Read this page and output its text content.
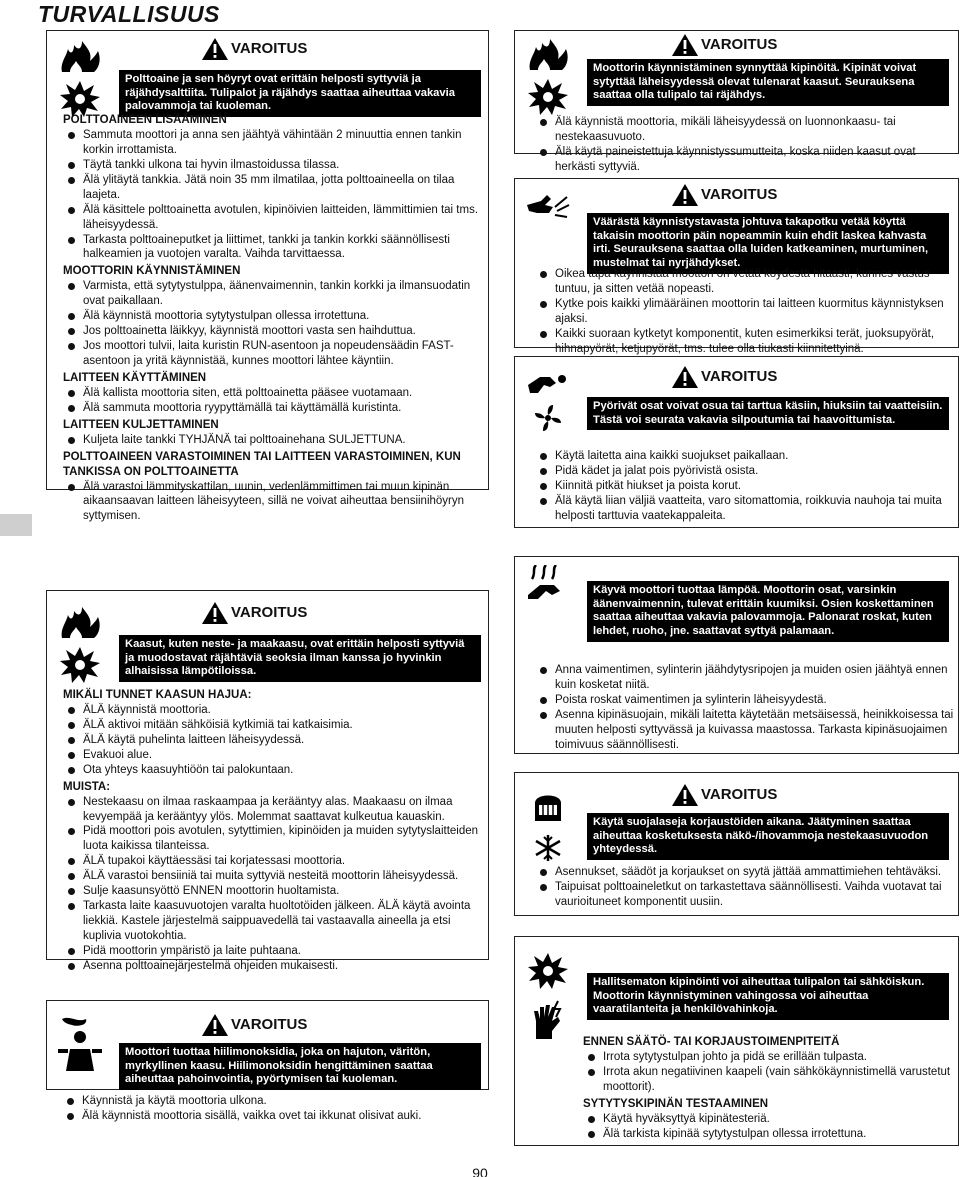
TURVALLISUUS
VAROITUS
Polttoaine ja sen höyryt ovat erittäin helposti syttyviä ja räjähdysalttiita. Tulipalot ja räjähdys saattaa aiheuttaa vakavia palovammoja tai kuoleman.
POLTTOAINEEN LISÄÄMINEN
Sammuta moottori ja anna sen jäähtyä vähintään 2 minuuttia ennen tankin korkin irrottamista.
Täytä tankki ulkona tai hyvin ilmastoidussa tilassa.
Älä ylitäytä tankkia. Jätä noin 35 mm ilmatilaa, jotta polttoaineella on tilaa laajeta.
Älä käsittele polttoainetta avotulen, kipinöivien laitteiden, lämmittimien tai tms. läheisyydessä.
Tarkasta polttoaineputket ja liittimet, tankki ja tankin korkki säännöllisesti halkeamien ja vuotojen varalta. Vaihda tarvittaessa.
MOOTTORIN KÄYNNISTÄMINEN
Varmista, että sytytystulppa, äänenvaimennin, tankin korkki ja ilmansuodatin ovat paikallaan.
Älä käynnistä moottoria sytytystulpan ollessa irrotettuna.
Jos polttoainetta läikkyy, käynnistä moottori vasta sen haihduttua.
Jos moottori tulvii, laita kuristin RUN-asentoon ja nopeudensäädin FAST-asentoon ja yritä käynnistää, kunnes moottori lähtee käyntiin.
LAITTEEN KÄYTTÄMINEN
Älä kallista moottoria siten, että polttoainetta pääsee vuotamaan.
Älä sammuta moottoria ryypyttämällä tai käyttämällä kuristinta.
LAITTEEN KULJETTAMINEN
Kuljeta laite tankki TYHJÄNÄ tai polttoainehana SULJETTUNA.
POLTTOAINEEN VARASTOIMINEN TAI LAITTEEN VARASTOIMINEN, KUN TANKISSA ON POLTTOAINETTA
Älä varastoi lämmityskattilan, uunin, vedenlämmittimen tai muun kipinän aikaansaavan laitteen läheisyyteen, sillä ne voivat aiheuttaa bensiinihöyryn syttymisen.
VAROITUS
Kaasut, kuten neste- ja maakaasu, ovat erittäin helposti syttyviä ja muodostavat räjähtäviä seoksia ilman kanssa jo hyvinkin alhaisissa lämpötiloissa.
MIKÄLI TUNNET KAASUN HAJUA:
ÄLÄ käynnistä moottoria.
ÄLÄ aktivoi mitään sähköisiä kytkimiä tai katkaisimia.
ÄLÄ käytä puhelinta laitteen läheisyydessä.
Evakuoi alue.
Ota yhteys kaasuyhtiöön tai palokuntaan.
MUISTA:
Nestekaasu on ilmaa raskaampaa ja kerääntyy alas. Maakaasu on ilmaa kevyempää ja kerääntyy ylös. Molemmat saattavat kulkeutua kauaskin.
Pidä moottori pois avotulen, sytyttimien, kipinöiden ja muiden sytytyslaitteiden luota kaikissa tilanteissa.
ÄLÄ tupakoi käyttäessäsi tai korjatessasi moottoria.
ÄLÄ varastoi bensiiniä tai muita syttyviä nesteitä moottorin läheisyydessä.
Sulje kaasunsyöttö ENNEN moottorin huoltamista.
Tarkasta laite kaasuvuotojen varalta huoltotöiden jälkeen. ÄLÄ käytä avointa liekkiä. Kastele järjestelmä saippuavedellä tai vastaavalla aineella ja etsi kuplivia vuotokohtia.
Pidä moottorin ympäristö ja laite puhtaana.
Asenna polttoainejärjestelmä ohjeiden mukaisesti.
VAROITUS
Moottori tuottaa hiilimonoksidia, joka on hajuton, väritön, myrkyllinen kaasu. Hiilimonoksidin hengittäminen saattaa aiheuttaa pahoinvointia, pyörtymisen tai kuoleman.
Käynnistä ja käytä moottoria ulkona.
Älä käynnistä moottoria sisällä, vaikka ovet tai ikkunat olisivat auki.
VAROITUS
Moottorin käynnistäminen synnyttää kipinöitä. Kipinät voivat sytyttää läheisyydessä olevat tulenarat kaasut. Seurauksena saattaa olla tulipalo tai räjähdys.
Älä käynnistä moottoria, mikäli läheisyydessä on luonnonkaasu- tai nestekaasuvuoto.
Älä käytä paineistettuja käynnistyssumutteita, koska niiden kaasut ovat herkästi syttyviä.
VAROITUS
Väärästä käynnistystavasta johtuva takapotku vetää köyttä takaisin moottorin päin nopeammin kuin ehdit laskea kahvasta irti. Seurauksena saattaa olla luiden katkeaminen, murtuminen, mustelmat tai nyrjähdykset.
Oikea tapa käynnistää moottori on vetää köydestä hitaasti, kunnes vastus tuntuu, ja sitten vetää nopeasti.
Kytke pois kaikki ylimääräinen moottorin tai laitteen kuormitus käynnistyksen ajaksi.
Kaikki suoraan kytketyt komponentit, kuten esimerkiksi terät, juoksupyörät, hihnapyörät, ketjupyörät, tms. tulee olla tiukasti kiinnitettyinä.
VAROITUS
Pyörivät osat voivat osua tai tarttua käsiin, hiuksiin tai vaatteisiin. Tästä voi seurata vakavia silpoutumia tai haavoittumista.
Käytä laitetta aina kaikki suojukset paikallaan.
Pidä kädet ja jalat pois pyörivistä osista.
Kiinnitä pitkät hiukset ja poista korut.
Älä käytä liian väljiä vaatteita, varo sitomattomia, roikkuvia nauhoja tai muita helposti tarttuvia vaatekappaleita.
Käyvä moottori tuottaa lämpöä. Moottorin osat, varsinkin äänenvaimennin, tulevat erittäin kuumiksi. Osien koskettaminen saattaa aiheuttaa vakavia palovammoja. Palonarat roskat, kuten lehdet, ruoho, jne. saattavat syttyä palamaan.
Anna vaimentimen, sylinterin jäähdytysripojen ja muiden osien jäähtyä ennen kuin kosketat niitä.
Poista roskat vaimentimen ja sylinterin läheisyydestä.
Asenna kipinäsuojain, mikäli laitetta käytetään metsäisessä, heinikkoisessa tai muuten helposti syttyvässä ja kuivassa maastossa. Tarkasta kipinäsuojaimen toimivuus säännöllisesti.
VAROITUS
Käytä suojalaseja korjaustöiden aikana. Jäätyminen saattaa aiheuttaa kosketuksesta näkö-/ihovammoja nestekaasuvuodon yhteydessä.
Asennukset, säädöt ja korjaukset on syytä jättää ammattimiehen tehtäväksi.
Taipuisat polttoaineletkut on tarkastettava säännöllisesti. Vaihda vuotavat tai vaurioituneet komponentit uusiin.
Hallitsematon kipinöinti voi aiheuttaa tulipalon tai sähköiskun. Moottorin käynnistyminen vahingossa voi aiheuttaa vaaratilanteita ja henkilövahinkoja.
ENNEN SÄÄTÖ- TAI KORJAUSTOIMENPITEITÄ
Irrota sytytystulpan johto ja pidä se erillään tulpasta.
Irrota akun negatiivinen kaapeli (vain sähkökäynnistimellä varustetut moottorit).
SYTYTYSKIPINÄN TESTAAMINEN
Käytä hyväksyttyä kipinätesteriä.
Älä tarkista kipinää sytytystulpan ollessa irrotettuna.
90
